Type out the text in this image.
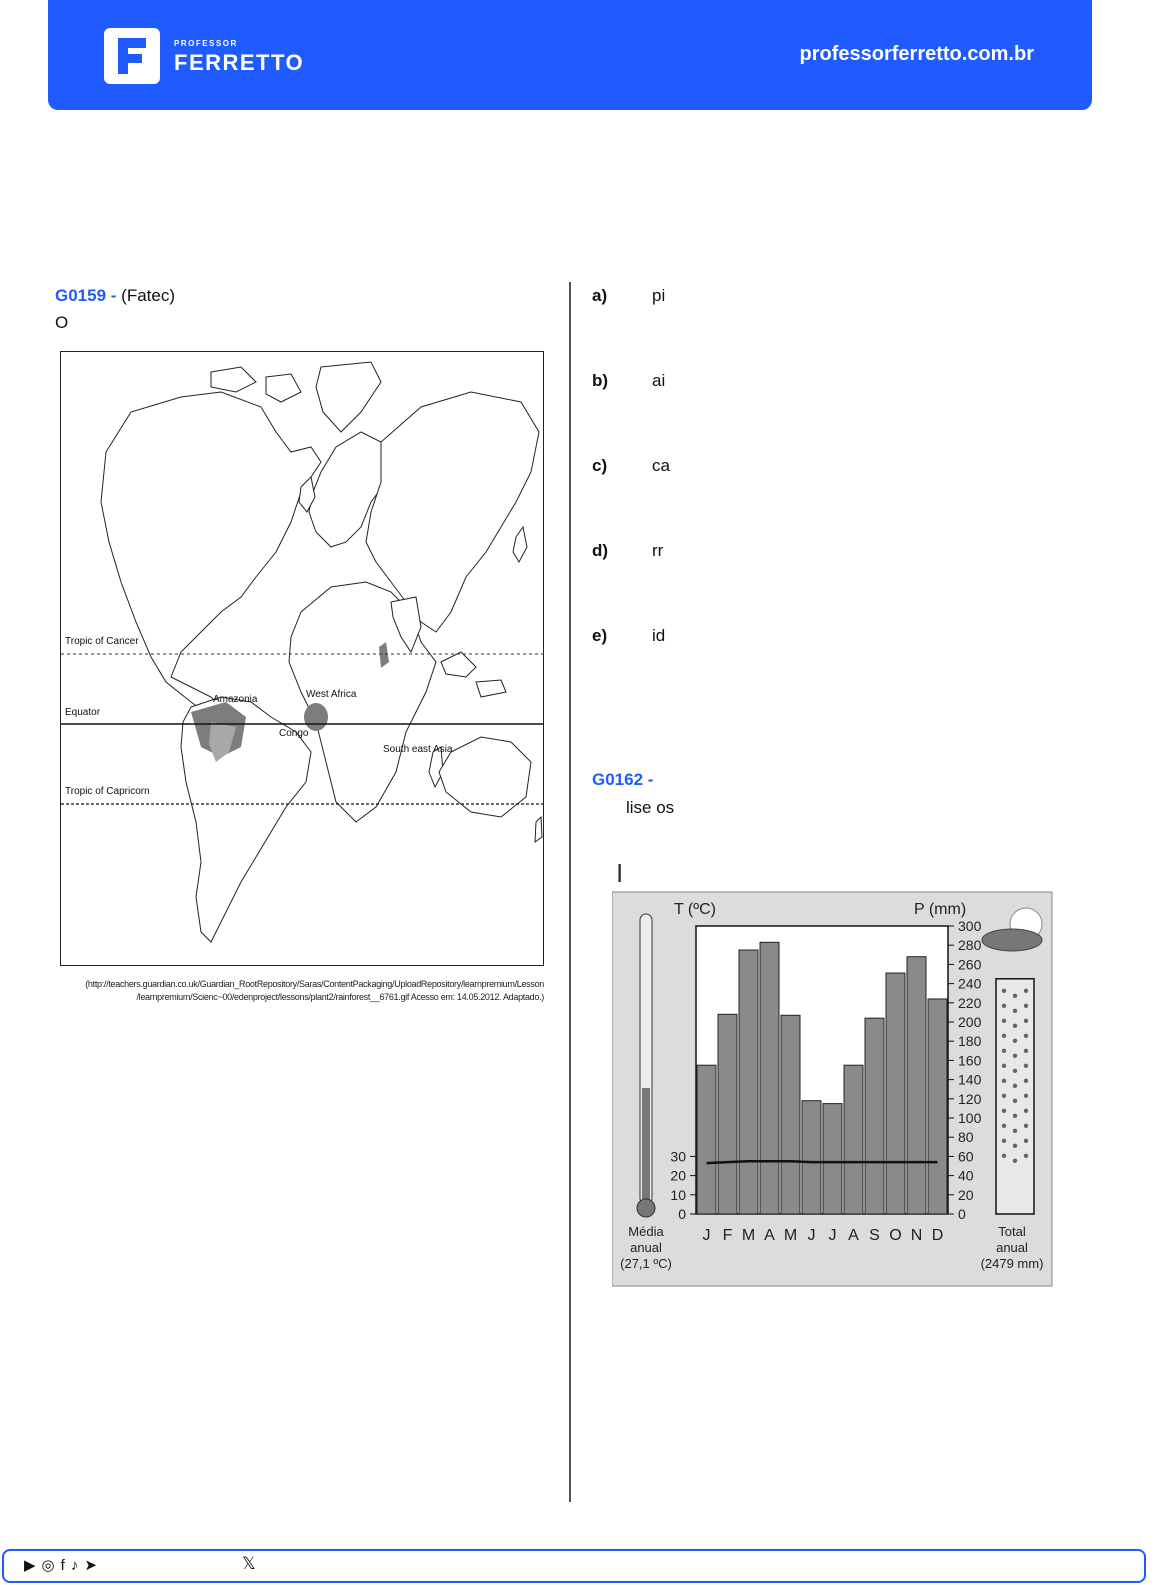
PROFESSOR
FERRETTO	professorferretto.com.br
G0159 - (Fatec)
O
Tropic of Cancer
Equator
Tropic of Capricorn
Amazonia	West Africa
Congo
South east Asia
(http://teachers.guardian.co.uk/Guardian_RootRepository/Saras/ContentPackaging/UploadRepository/learnpremium/Lesson
/learnpremium/Scienc~00/edenproject/lessons/plant2/rainforest__6761.gif Acesso em: 14.05.2012. Adaptado.)
a)	pi
b)	ai
c)	ca
d)	rr
e)	id
G0162 -
lise os
I
0
10
20
30
0
20
40
60
80
100
120
140
160
180
200
220
240
260
280
300
T (ºC)	P (mm)
J F M A M J J A S O N D
Média
anual
(27,1 ºC)
Total
anual
(2479 mm)
▶◎f♪➤	𝕏
